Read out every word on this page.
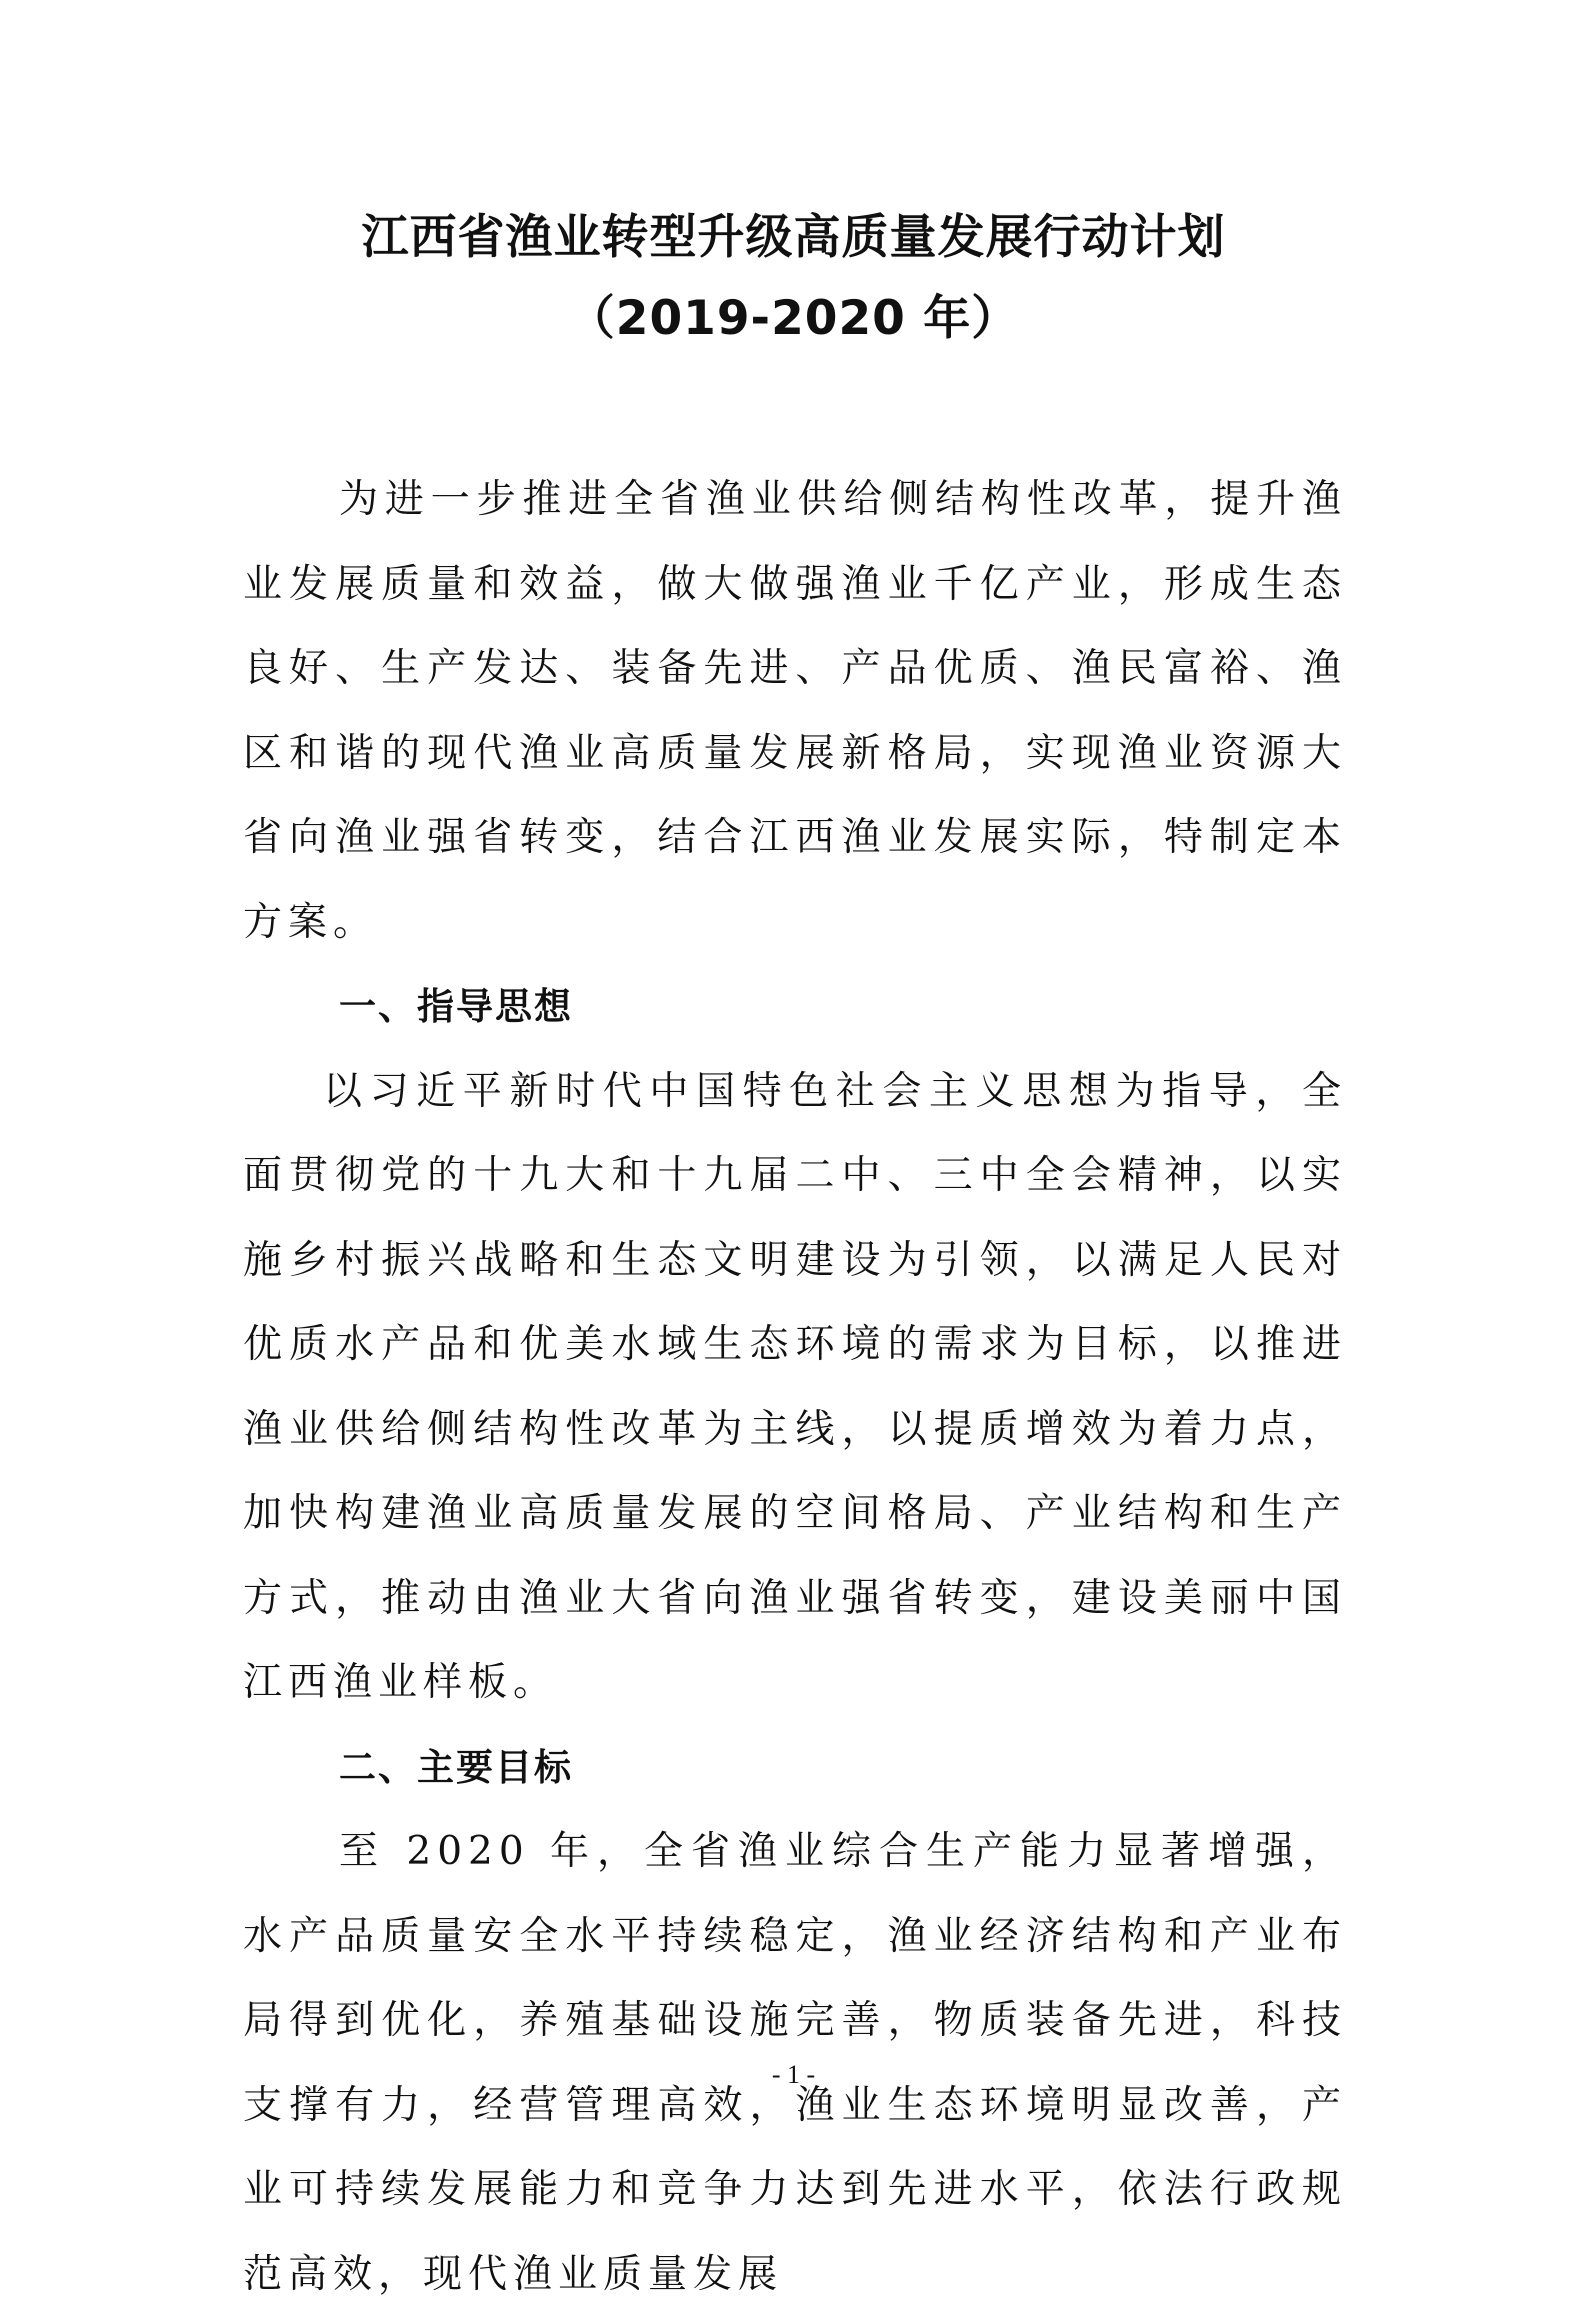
江西省渔业转型升级高质量发展行动计划
（2019-2020 年）

为进一步推进全省渔业供给侧结构性改革，提升渔业发展质量和效益，做大做强渔业千亿产业，形成生态良好、生产发达、装备先进、产品优质、渔民富裕、渔区和谐的现代渔业高质量发展新格局，实现渔业资源大省向渔业强省转变，结合江西渔业发展实际，特制定本方案。

一、指导思想

以习近平新时代中国特色社会主义思想为指导，全面贯彻党的十九大和十九届二中、三中全会精神，以实施乡村振兴战略和生态文明建设为引领，以满足人民对优质水产品和优美水域生态环境的需求为目标，以推进渔业供给侧结构性改革为主线，以提质增效为着力点，加快构建渔业高质量发展的空间格局、产业结构和生产方式，推动由渔业大省向渔业强省转变，建设美丽中国江西渔业样板。

二、主要目标

至 2020 年，全省渔业综合生产能力显著增强，水产品质量安全水平持续稳定，渔业经济结构和产业布局得到优化，养殖基础设施完善，物质装备先进，科技支撑有力，经营管理高效，渔业生态环境明显改善，产业可持续发展能力和竞争力达到先进水平，依法行政规范高效，现代渔业质量发展

- 1 -
